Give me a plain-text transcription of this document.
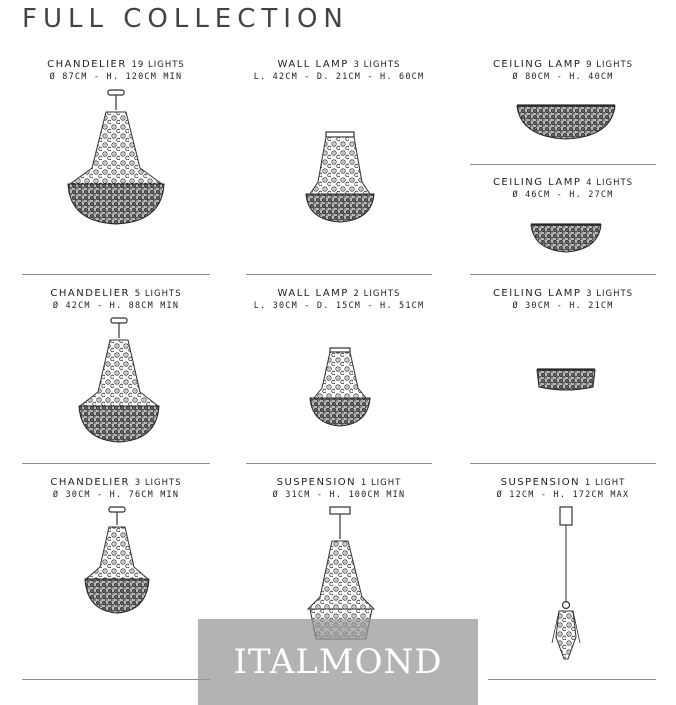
FULL COLLECTION
CHANDELIER 19 LIGHTS
Ø 87CM - H. 120CM MIN
WALL LAMP 3 LIGHTS
L. 42CM - D. 21CM - H. 60CM
CEILING LAMP 9 LIGHTS
Ø 80CM - H. 40CM
CEILING LAMP 4 LIGHTS
Ø 46CM - H. 27CM
CHANDELIER 5 LIGHTS
Ø 42CM - H. 88CM MIN
WALL LAMP 2 LIGHTS
L. 30CM - D. 15CM - H. 51CM
CEILING LAMP 3 LIGHTS
Ø 30CM - H. 21CM
CHANDELIER 3 LIGHTS
Ø 30CM - H. 76CM MIN
SUSPENSION 1 LIGHT
Ø 31CM - H. 100CM MIN
SUSPENSION 1 LIGHT
Ø 12CM - H. 172CM MAX
ITALMOND
